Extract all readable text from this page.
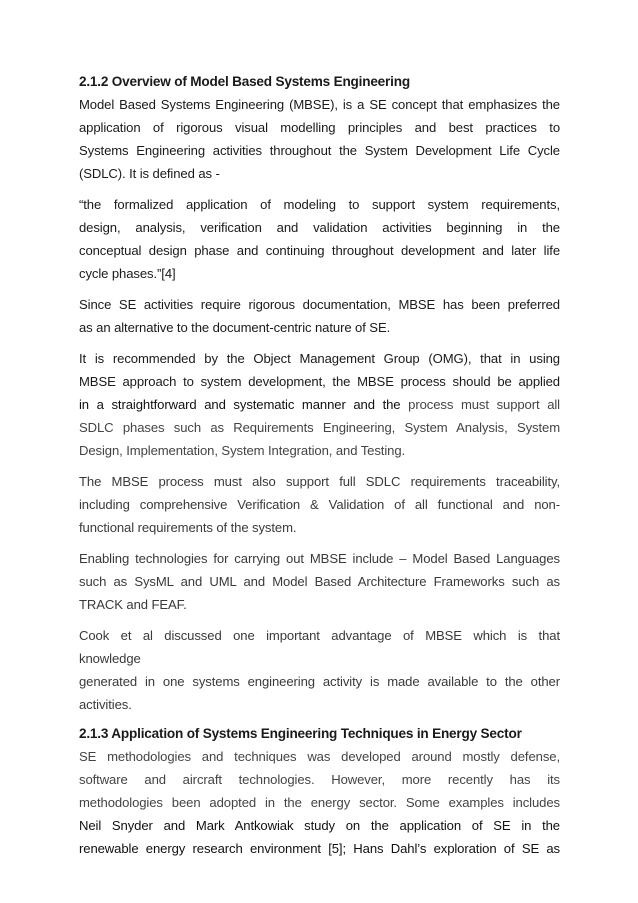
2.1.2 Overview of Model Based Systems Engineering

Model Based Systems Engineering (MBSE), is a SE concept that emphasizes the
application of rigorous visual modelling principles and best practices to
Systems Engineering activities throughout the System Development Life Cycle
(SDLC). It is defined as -

“the formalized application of modeling to support system requirements,
design, analysis, verification and validation activities beginning in the
conceptual design phase and continuing throughout development and later life
cycle phases.”[4]

Since SE activities require rigorous documentation, MBSE has been preferred
as an alternative to the document-centric nature of SE.

It is recommended by the Object Management Group (OMG), that in using
MBSE approach to system development, the MBSE process should be applied
in a straightforward and systematic manner and the process must support all
SDLC phases such as Requirements Engineering, System Analysis, System
Design, Implementation, System Integration, and Testing.

The MBSE process must also support full SDLC requirements traceability,
including comprehensive Verification & Validation of all functional and non-
functional requirements of the system.

Enabling technologies for carrying out MBSE include – Model Based Languages
such as SysML and UML and Model Based Architecture Frameworks such as
TRACK and FEAF.

Cook et al discussed one important advantage of MBSE which is that
knowledge
generated in one systems engineering activity is made available to the other
activities.

2.1.3 Application of Systems Engineering Techniques in Energy Sector

SE methodologies and techniques was developed around mostly defense,
software and aircraft technologies. However, more recently has its
methodologies been adopted in the energy sector. Some examples includes
Neil Snyder and Mark Antkowiak study on the application of SE in the
renewable energy research environment [5]; Hans Dahl’s exploration of SE as
